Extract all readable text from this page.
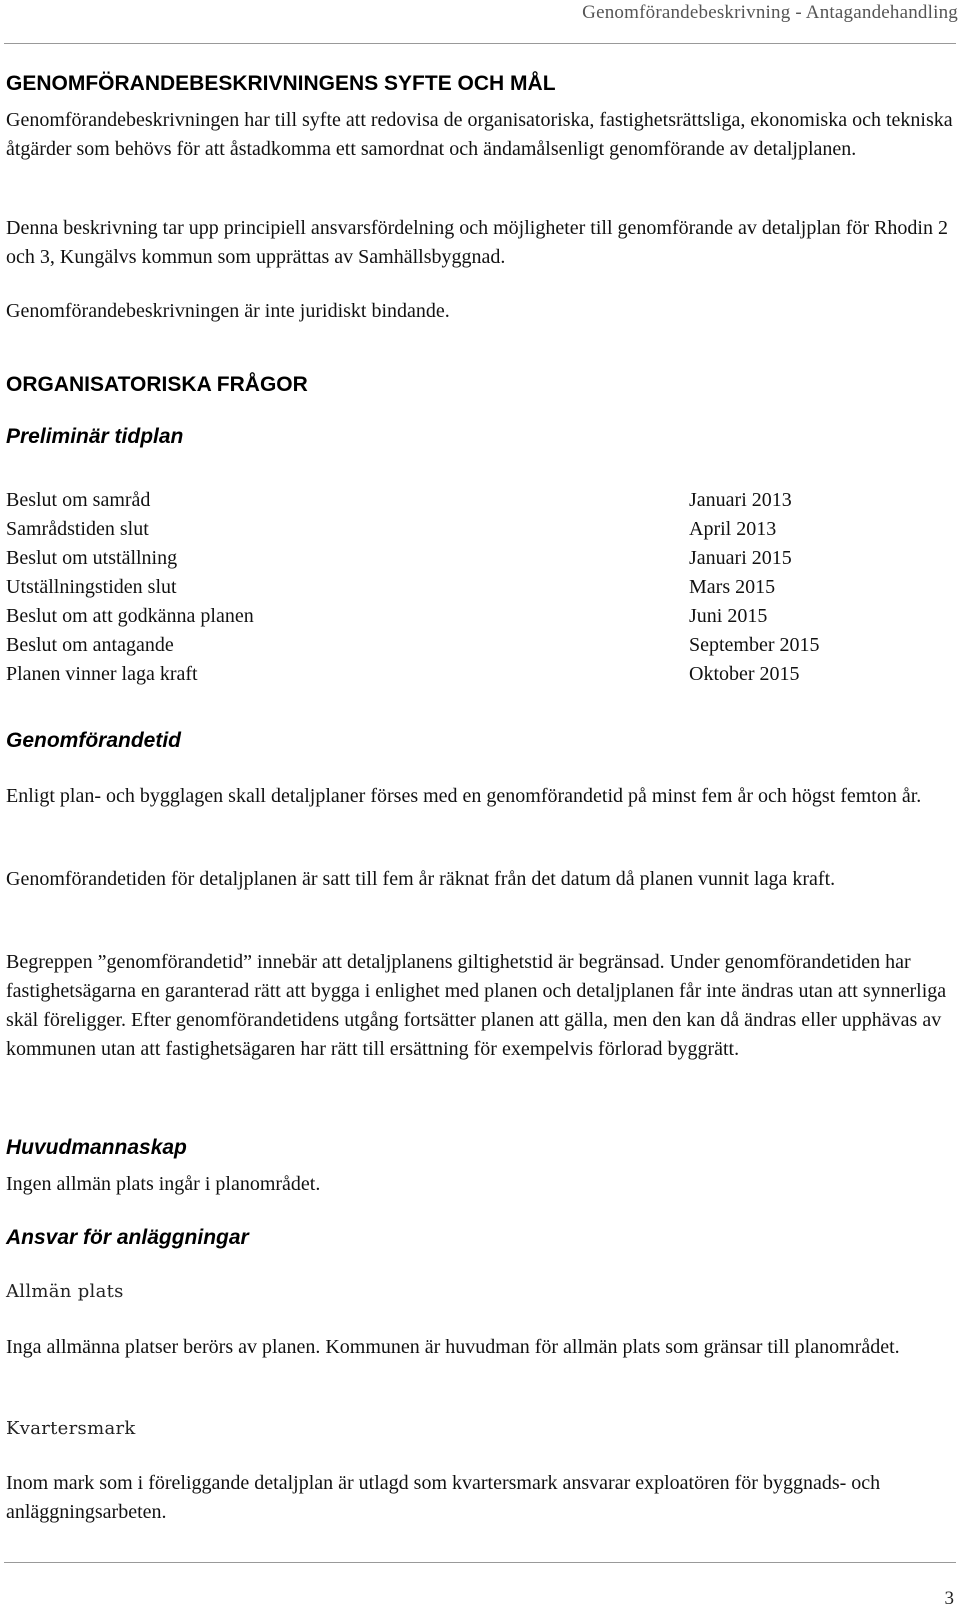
Genomförandebeskrivning - Antagandehandling
GENOMFÖRANDEBESKRIVNINGENS SYFTE OCH MÅL
Genomförandebeskrivningen har till syfte att redovisa de organisatoriska, fastighetsrättsliga, ekonomiska och tekniska åtgärder som behövs för att åstadkomma ett samordnat och ändamålsenligt genomförande av detaljplanen.
Denna beskrivning tar upp principiell ansvarsfördelning och möjligheter till genomförande av detaljplan för Rhodin 2 och 3, Kungälvs kommun som upprättas av Samhällsbyggnad.
Genomförandebeskrivningen är inte juridiskt bindande.
ORGANISATORISKA FRÅGOR
Preliminär tidplan
Beslut om samråd	Januari 2013
Samrådstiden slut	April 2013
Beslut om utställning	Januari 2015
Utställningstiden slut	Mars 2015
Beslut om att godkänna planen	Juni 2015
Beslut om antagande	September 2015
Planen vinner laga kraft	Oktober 2015
Genomförandetid
Enligt plan- och bygglagen skall detaljplaner förses med en genomförandetid på minst fem år och högst femton år.
Genomförandetiden för detaljplanen är satt till fem år räknat från det datum då planen vunnit laga kraft.
Begreppen ”genomförandetid” innebär att detaljplanens giltighetstid är begränsad. Under genomförandetiden har fastighetsägarna en garanterad rätt att bygga i enlighet med planen och detaljplanen får inte ändras utan att synnerliga skäl föreligger. Efter genomförandetidens utgång fortsätter planen att gälla, men den kan då ändras eller upphävas av kommunen utan att fastighetsägaren har rätt till ersättning för exempelvis förlorad byggrätt.
Huvudmannaskap
Ingen allmän plats ingår i planområdet.
Ansvar för anläggningar
Allmän plats
Inga allmänna platser berörs av planen. Kommunen är huvudman för allmän plats som gränsar till planområdet.
Kvartersmark
Inom mark som i föreliggande detaljplan är utlagd som kvartersmark ansvarar exploatören för byggnads- och anläggningsarbeten.
3
